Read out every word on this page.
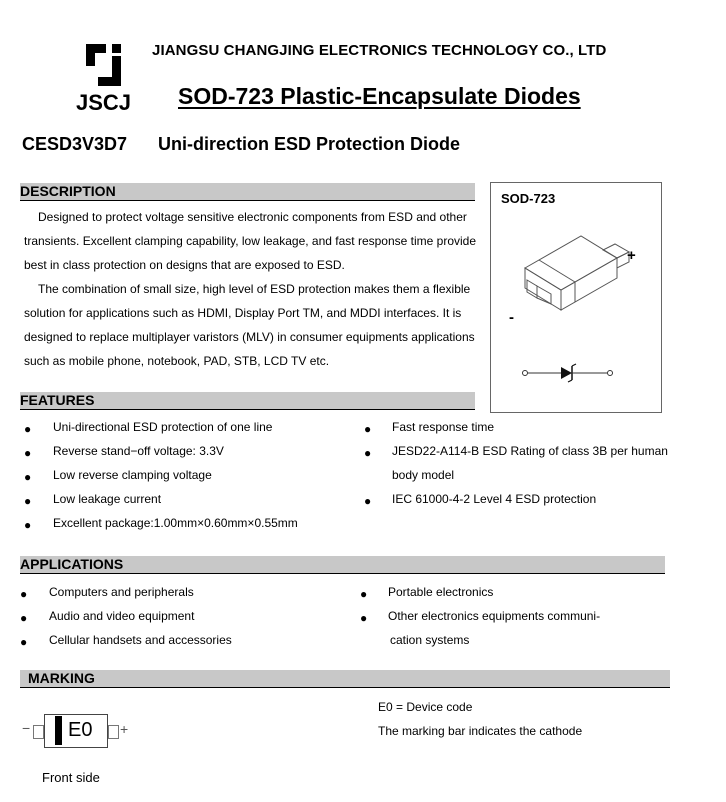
JSCJ
JIANGSU CHANGJING ELECTRONICS TECHNOLOGY CO., LTD
SOD-723 Plastic-Encapsulate Diodes
CESD3V3D7 Uni-direction ESD Protection Diode
DESCRIPTION
Designed to protect voltage sensitive electronic components from ESD and other
transients. Excellent clamping capability, low leakage, and fast response time provide
best in class protection on designs that are exposed to ESD.
The combination of small size, high level of ESD protection makes them a flexible
solution for applications such as HDMI, Display Port TM, and MDDI interfaces. It is
designed to replace multiplayer varistors (MLV) in consumer equipments applications
such as mobile phone, notebook, PAD, STB, LCD TV etc.
SOD-723
+
-
FEATURES
● Uni-directional ESD protection of one line
● Reverse stand−off voltage: 3.3V
● Low reverse clamping voltage
● Low leakage current
● Excellent package:1.00mm×0.60mm×0.55mm
● Fast response time
● JESD22-A114-B ESD Rating of class 3B per human
body model
● IEC 61000-4-2 Level 4 ESD protection
APPLICATIONS
● Computers and peripherals
● Audio and video equipment
● Cellular handsets and accessories
● Portable electronics
● Other electronics equipments communi-
cation systems
MARKING
− E0 +
E0 = Device code
The marking bar indicates the cathode
Front side
